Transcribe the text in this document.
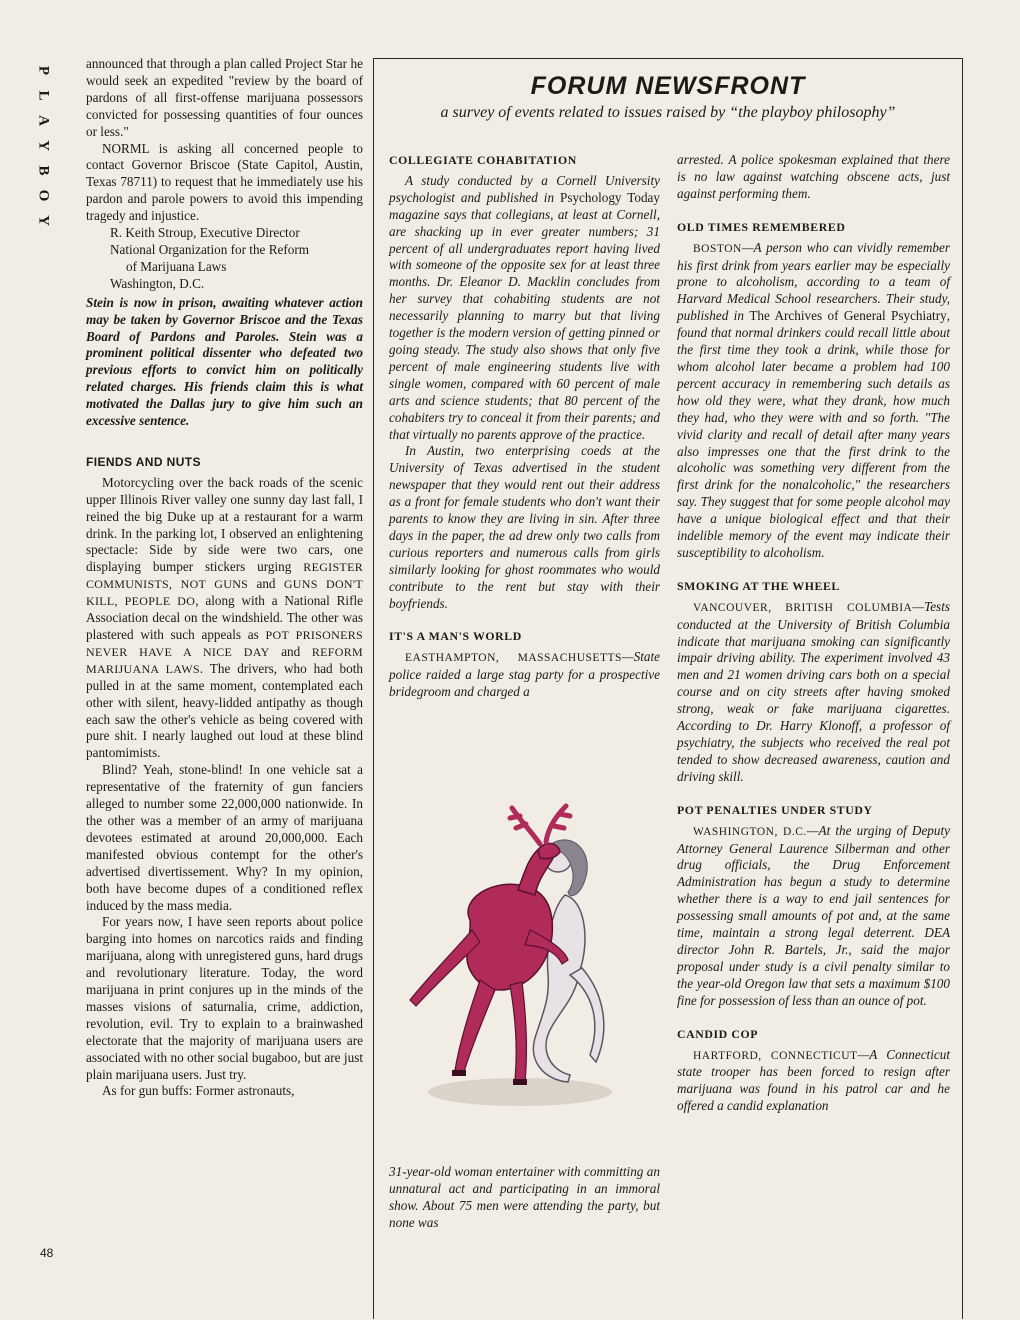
P
L
A
Y
B
O
Y
48

announced that through a plan called Project Star he would seek an expedited "review by the board of pardons of all first-offense marijuana possessors convicted for possessing quantities of four ounces or less."

NORML is asking all concerned people to contact Governor Briscoe (State Capitol, Austin, Texas 78711) to request that he immediately use his pardon and parole powers to avoid this impending tragedy and injustice.

R. Keith Stroup, Executive Director

National Organization for the Reform

of Marijuana Laws

Washington, D.C.

Stein is now in prison, awaiting whatever action may be taken by Governor Briscoe and the Texas Board of Pardons and Paroles. Stein was a prominent political dissenter who defeated two previous efforts to convict him on politically related charges. His friends claim this is what motivated the Dallas jury to give him such an excessive sentence.

FIENDS AND NUTS

Motorcycling over the back roads of the scenic upper Illinois River valley one sunny day last fall, I reined the big Duke up at a restaurant for a warm drink. In the parking lot, I observed an enlightening spectacle: Side by side were two cars, one displaying bumper stickers urging REGISTER COMMUNISTS, NOT GUNS and GUNS DON'T KILL, PEOPLE DO, along with a National Rifle Association decal on the windshield. The other was plastered with such appeals as POT PRISONERS NEVER HAVE A NICE DAY and REFORM MARIJUANA LAWS. The drivers, who had both pulled in at the same moment, contemplated each other with silent, heavy-lidded antipathy as though each saw the other's vehicle as being covered with pure shit. I nearly laughed out loud at these blind pantomimists.

Blind? Yeah, stone-blind! In one vehicle sat a representative of the fraternity of gun fanciers alleged to number some 22,000,000 nationwide. In the other was a member of an army of marijuana devotees estimated at around 20,000,000. Each manifested obvious contempt for the other's advertised divertissement. Why? In my opinion, both have become dupes of a conditioned reflex induced by the mass media.

For years now, I have seen reports about police barging into homes on narcotics raids and finding marijuana, along with unregistered guns, hard drugs and revolutionary literature. Today, the word marijuana in print conjures up in the minds of the masses visions of saturnalia, crime, addiction, revolution, evil. Try to explain to a brainwashed electorate that the majority of marijuana users are associated with no other social bugaboo, but are just plain marijuana users. Just try.

As for gun buffs: Former astronauts,

FORUM NEWSFRONT
a survey of events related to issues raised by “the playboy philosophy”

COLLEGIATE COHABITATION

A study conducted by a Cornell University psychologist and published in Psychology Today magazine says that collegians, at least at Cornell, are shacking up in ever greater numbers; 31 percent of all undergraduates report having lived with someone of the opposite sex for at least three months. Dr. Eleanor D. Macklin concludes from her survey that cohabiting students are not necessarily planning to marry but that living together is the modern version of getting pinned or going steady. The study also shows that only five percent of male engineering students live with single women, compared with 60 percent of male arts and science students; that 80 percent of the cohabiters try to conceal it from their parents; and that virtually no parents approve of the practice.

In Austin, two enterprising coeds at the University of Texas advertised in the student newspaper that they would rent out their address as a front for female students who don't want their parents to know they are living in sin. After three days in the paper, the ad drew only two calls from curious reporters and numerous calls from girls similarly looking for ghost roommates who would contribute to the rent but stay with their boyfriends.

IT'S A MAN'S WORLD

EASTHAMPTON, MASSACHUSETTS—State police raided a large stag party for a prospective bridegroom and charged a

31-year-old woman entertainer with committing an unnatural act and participating in an immoral show. About 75 men were attending the party, but none was

arrested. A police spokesman explained that there is no law against watching obscene acts, just against performing them.

OLD TIMES REMEMBERED

BOSTON—A person who can vividly remember his first drink from years earlier may be especially prone to alcoholism, according to a team of Harvard Medical School researchers. Their study, published in The Archives of General Psychiatry, found that normal drinkers could recall little about the first time they took a drink, while those for whom alcohol later became a problem had 100 percent accuracy in remembering such details as how old they were, what they drank, how much they had, who they were with and so forth. "The vivid clarity and recall of detail after many years also impresses one that the first drink to the alcoholic was something very different from the first drink for the nonalcoholic," the researchers say. They suggest that for some people alcohol may have a unique biological effect and that their indelible memory of the event may indicate their susceptibility to alcoholism.

SMOKING AT THE WHEEL

VANCOUVER, BRITISH COLUMBIA—Tests conducted at the University of British Columbia indicate that marijuana smoking can significantly impair driving ability. The experiment involved 43 men and 21 women driving cars both on a special course and on city streets after having smoked strong, weak or fake marijuana cigarettes. According to Dr. Harry Klonoff, a professor of psychiatry, the subjects who received the real pot tended to show decreased awareness, caution and driving skill.

POT PENALTIES UNDER STUDY

WASHINGTON, D.C.—At the urging of Deputy Attorney General Laurence Silberman and other drug officials, the Drug Enforcement Administration has begun a study to determine whether there is a way to end jail sentences for possessing small amounts of pot and, at the same time, maintain a strong legal deterrent. DEA director John R. Bartels, Jr., said the major proposal under study is a civil penalty similar to the year-old Oregon law that sets a maximum $100 fine for possession of less than an ounce of pot.

CANDID COP

HARTFORD, CONNECTICUT—A Connecticut state trooper has been forced to resign after marijuana was found in his patrol car and he offered a candid explanation
